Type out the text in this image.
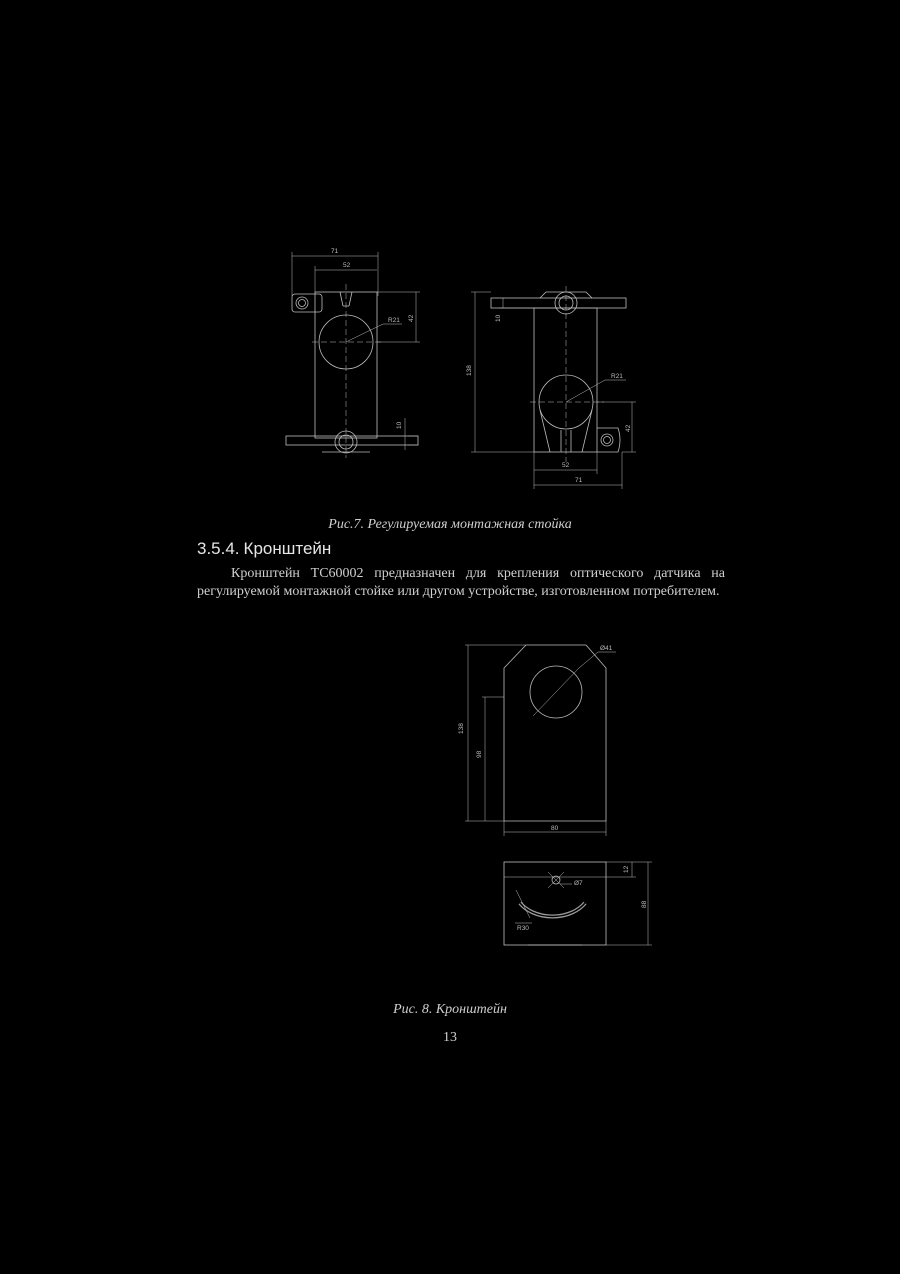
71
52
R21 42
10
138
10
R21
42
52
71
Ø41
138
98
80
12
Ø7
88
R30
Рис.7. Регулируемая монтажная стойка
3.5.4. Кронштейн

Кронштейн ТС60002 предназначен для крепления оптического датчика на регулируемой монтажной стойке или другом устройстве, изготовленном потребителем.

Рис. 8. Кронштейн
13
